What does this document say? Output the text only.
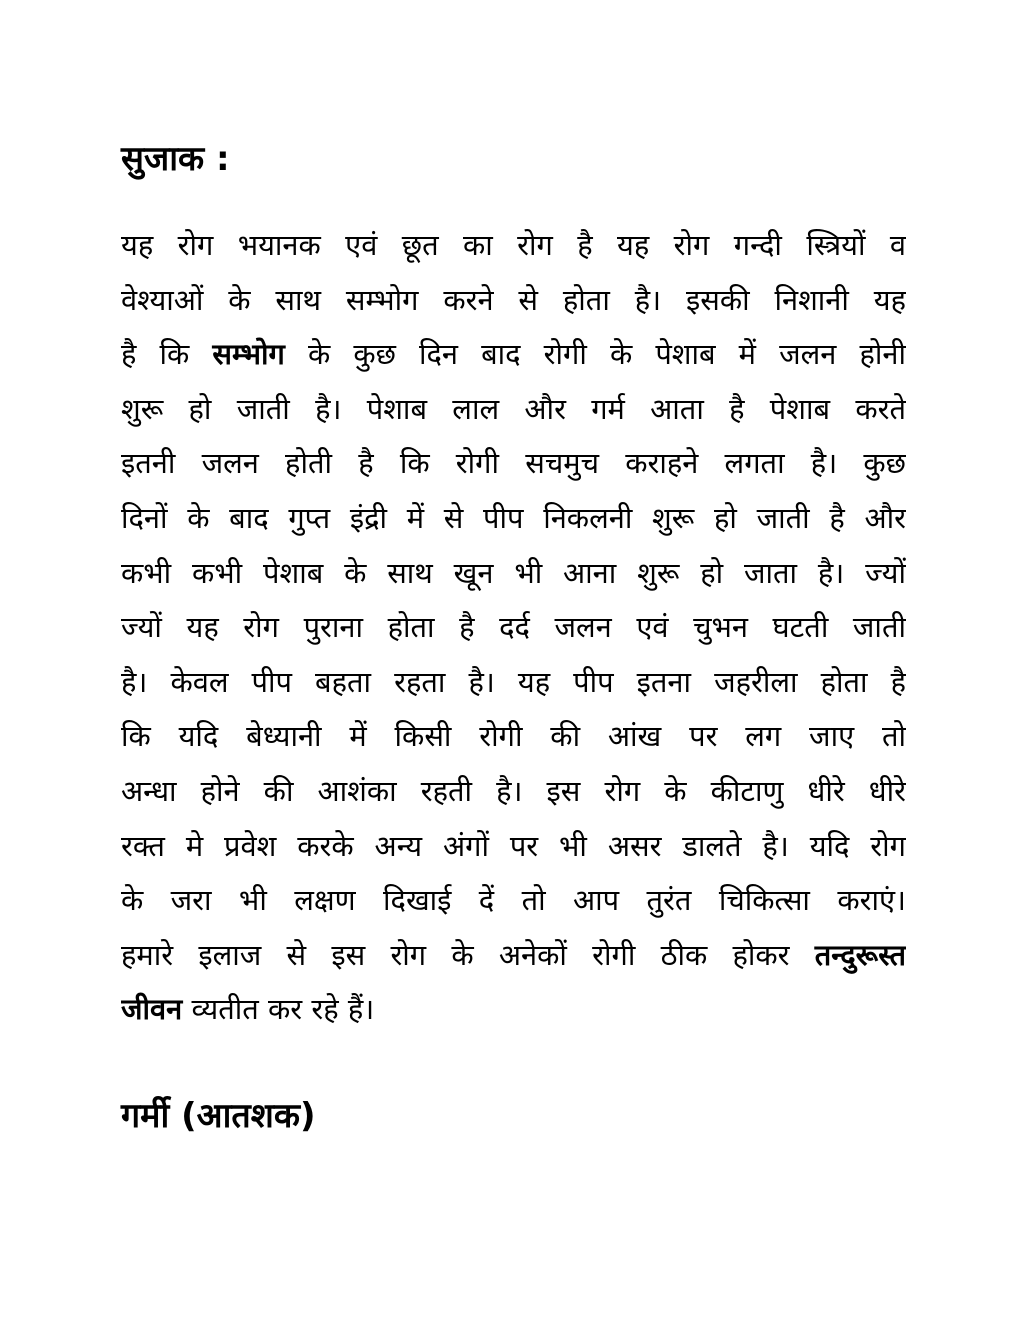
सुजाक :
यह रोग भयानक एवं छूत का रोग है यह रोग गन्दी स्त्रियों व
वेश्याओं के साथ सम्भोग करने से होता है। इसकी निशानी यह
है कि सम्भोग के कुछ दिन बाद रोगी के पेशाब में जलन होनी
शुरू हो जाती है। पेशाब लाल और गर्म आता है पेशाब करते
इतनी जलन होती है कि रोगी सचमुच कराहने लगता है। कुछ
दिनों के बाद गुप्त इंद्री में से पीप निकलनी शुरू हो जाती है और
कभी कभी पेशाब के साथ खून भी आना शुरू हो जाता है। ज्यों
ज्यों यह रोग पुराना होता है दर्द जलन एवं चुभन घटती जाती
है। केवल पीप बहता रहता है। यह पीप इतना जहरीला होता है
कि यदि बेध्यानी में किसी रोगी की आंख पर लग जाए तो
अन्धा होने की आशंका रहती है। इस रोग के कीटाणु धीरे धीरे
रक्त मे प्रवेश करके अन्य अंगों पर भी असर डालते है। यदि रोग
के जरा भी लक्षण दिखाई दें तो आप तुरंत चिकित्सा कराएं।
हमारे इलाज से इस रोग के अनेकों रोगी ठीक होकर तन्दुरूस्त
जीवन व्यतीत कर रहे हैं।
गर्मी (आतशक)
